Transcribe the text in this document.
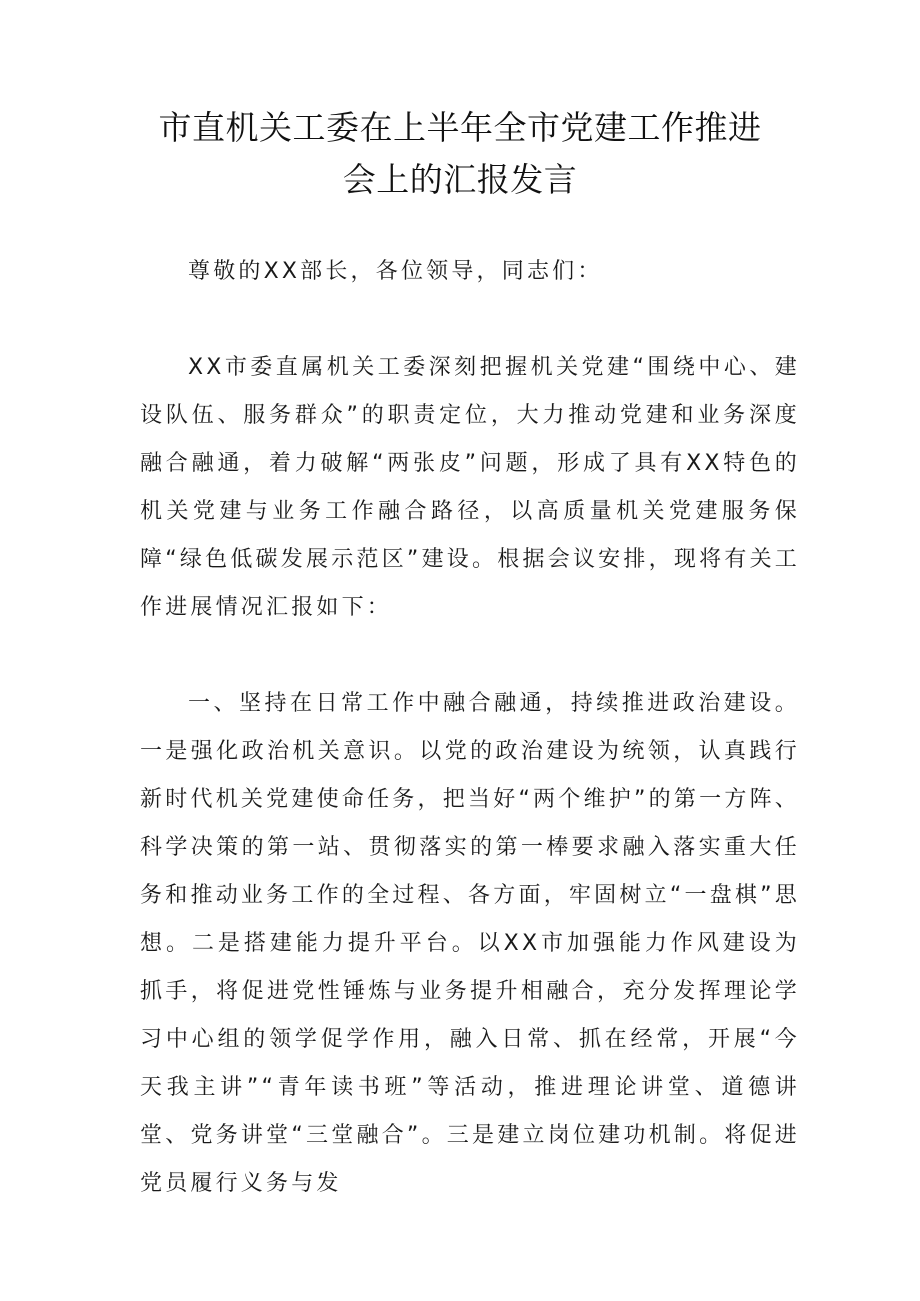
市直机关工委在上半年全市党建工作推进
会上的汇报发言

尊敬的XX部长，各位领导，同志们：

XX市委直属机关工委深刻把握机关党建“围绕中心、建设队伍、服务群众”的职责定位，大力推动党建和业务深度融合融通，着力破解“两张皮”问题，形成了具有XX特色的机关党建与业务工作融合路径，以高质量机关党建服务保障“绿色低碳发展示范区”建设。根据会议安排，现将有关工作进展情况汇报如下：

一、坚持在日常工作中融合融通，持续推进政治建设。一是强化政治机关意识。以党的政治建设为统领，认真践行新时代机关党建使命任务，把当好“两个维护”的第一方阵、科学决策的第一站、贯彻落实的第一棒要求融入落实重大任务和推动业务工作的全过程、各方面，牢固树立“一盘棋”思想。二是搭建能力提升平台。以XX市加强能力作风建设为抓手，将促进党性锤炼与业务提升相融合，充分发挥理论学习中心组的领学促学作用，融入日常、抓在经常，开展“今天我主讲”“青年读书班”等活动，推进理论讲堂、道德讲堂、党务讲堂“三堂融合”。三是建立岗位建功机制。将促进党员履行义务与发
